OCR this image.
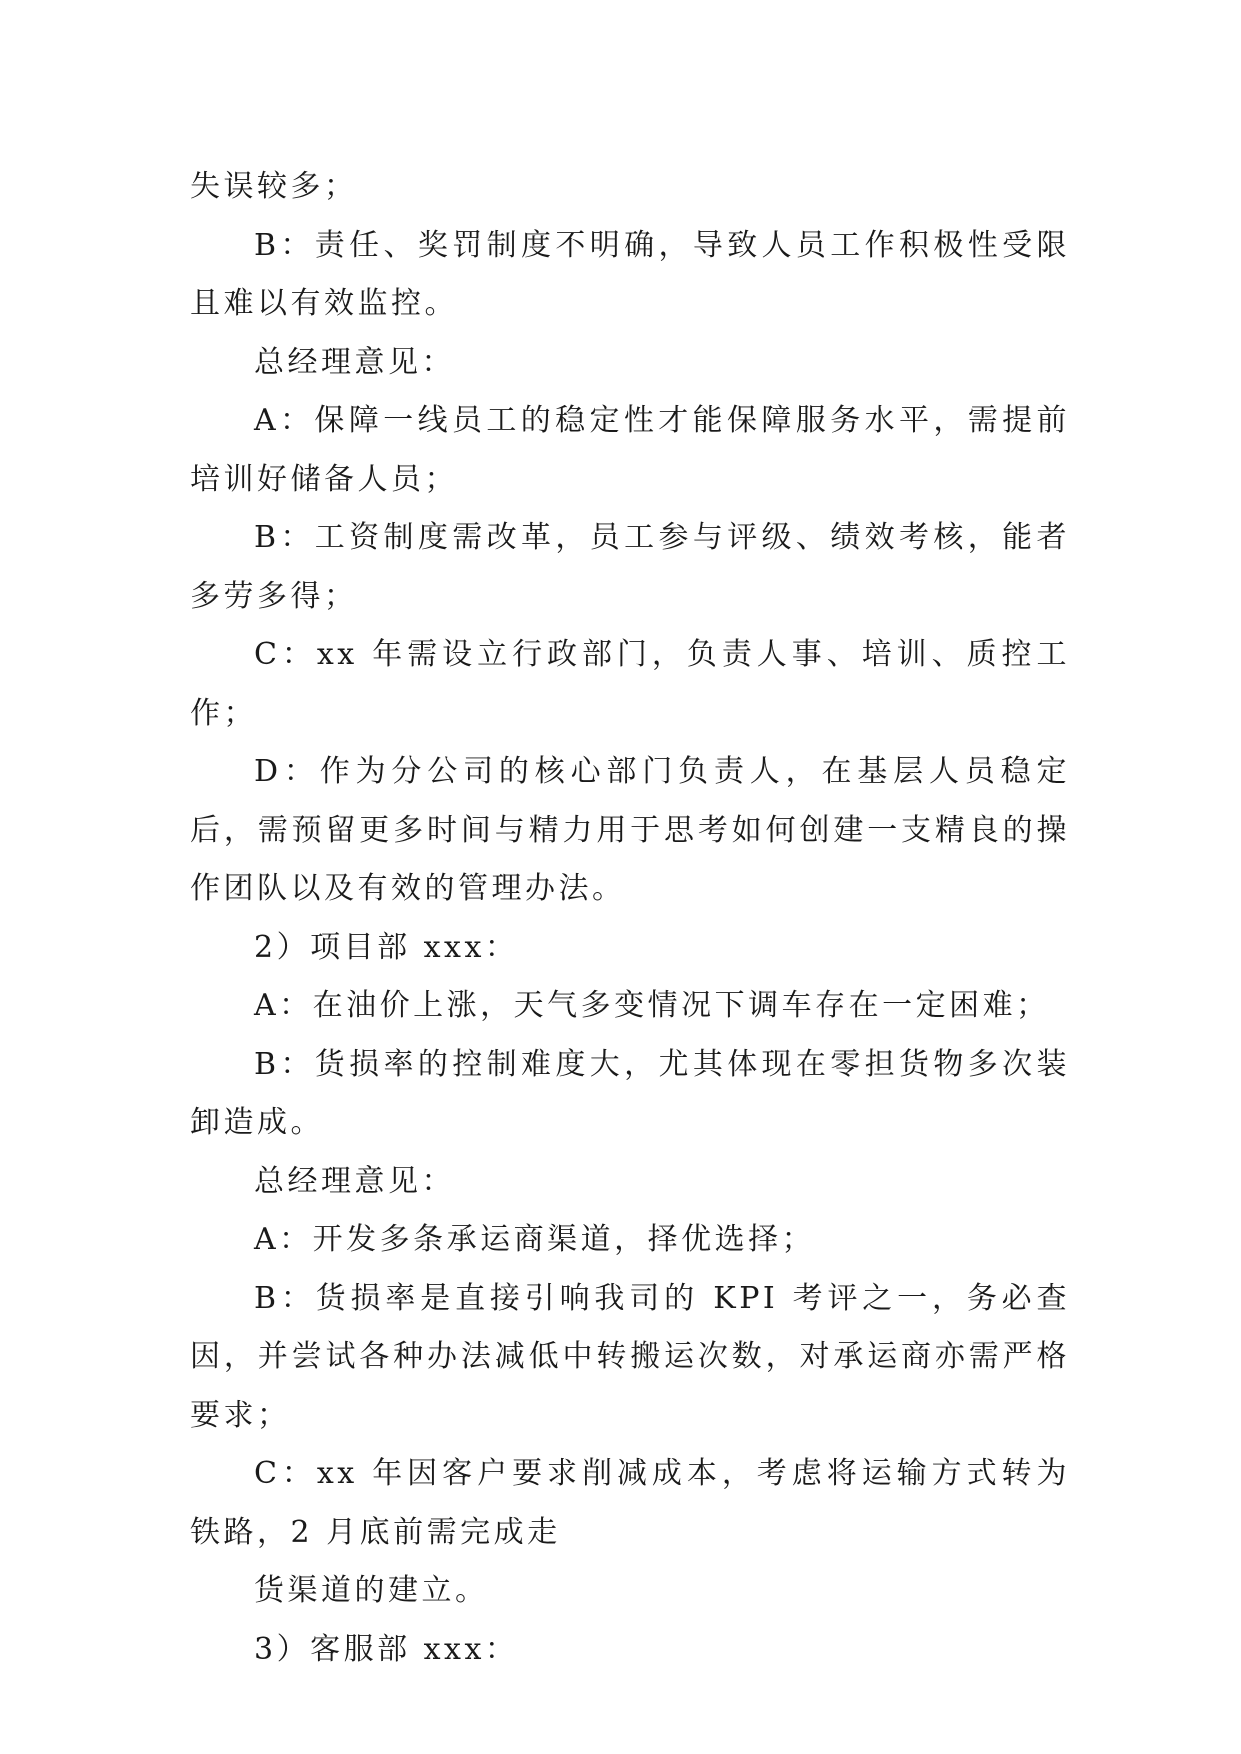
失误较多；

B：责任、奖罚制度不明确，导致人员工作积极性受限且难以有效监控。

总经理意见：

A：保障一线员工的稳定性才能保障服务水平，需提前培训好储备人员；

B：工资制度需改革，员工参与评级、绩效考核，能者多劳多得；

C：xx 年需设立行政部门，负责人事、培训、质控工作；

D：作为分公司的核心部门负责人，在基层人员稳定后，需预留更多时间与精力用于思考如何创建一支精良的操作团队以及有效的管理办法。

2）项目部 xxx：

A：在油价上涨，天气多变情况下调车存在一定困难；

B：货损率的控制难度大，尤其体现在零担货物多次装卸造成。

总经理意见：

A：开发多条承运商渠道，择优选择；

B：货损率是直接引响我司的 KPI 考评之一，务必查因，并尝试各种办法减低中转搬运次数，对承运商亦需严格要求；

C：xx 年因客户要求削减成本，考虑将运输方式转为铁路，2 月底前需完成走

货渠道的建立。

3）客服部 xxx：
